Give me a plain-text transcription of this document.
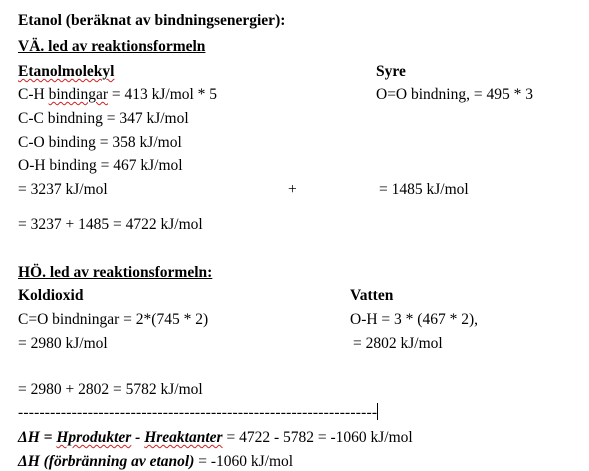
Etanol (beräknat av bindningsenergier):
VÄ. led av reaktionsformeln
Etanolmolekyl	Syre
C-H bindingar = 413 kJ/mol * 5	O=O bindning, = 495 * 3
C-C bindning = 347 kJ/mol
C-O binding = 358 kJ/mol
O-H binding = 467 kJ/mol
= 3237 kJ/mol	+	= 1485 kJ/mol
= 3237 + 1485 = 4722 kJ/mol
HÖ. led av reaktionsformeln:
Koldioxid	Vatten
C=O bindningar = 2*(745 * 2)	O-H = 3 * (467 * 2),
= 2980 kJ/mol	= 2802 kJ/mol
= 2980 + 2802 = 5782 kJ/mol
-------------------------------------------------------------------
ΔH = Hprodukter - Hreaktanter = 4722 - 5782 = -1060 kJ/mol
ΔH (förbränning av etanol) = -1060 kJ/mol
